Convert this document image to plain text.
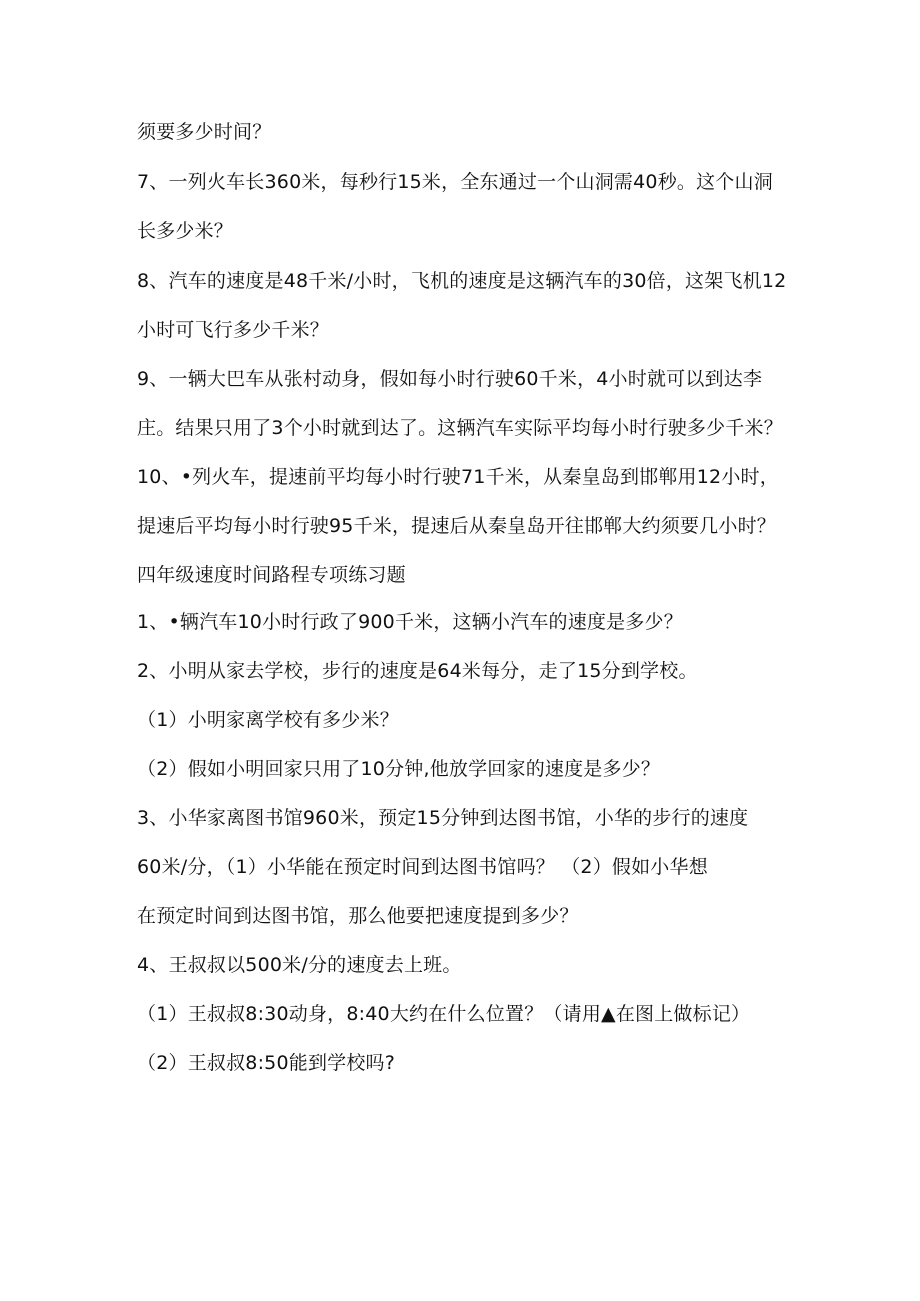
须要多少时间？
7、一列火车长360米，每秒行15米，全东通过一个山洞需40秒。这个山洞
长多少米？
8、汽车的速度是48千米/小时，飞机的速度是这辆汽车的30倍，这架飞机12
小时可飞行多少千米？
9、一辆大巴车从张村动身，假如每小时行驶60千米，4小时就可以到达李
庄。结果只用了3个小时就到达了。这辆汽车实际平均每小时行驶多少千米？
10、•列火车，提速前平均每小时行驶71千米，从秦皇岛到邯郸用12小时，
提速后平均每小时行驶95千米，提速后从秦皇岛开往邯郸大约须要几小时？
四年级速度时间路程专项练习题
1、•辆汽车10小时行政了900千米，这辆小汽车的速度是多少？
2、小明从家去学校，步行的速度是64米每分，走了15分到学校。
（1）小明家离学校有多少米？
（2）假如小明回家只用了10分钟,他放学回家的速度是多少？
3、小华家离图书馆960米，预定15分钟到达图书馆，小华的步行的速度
60米/分，（1）小华能在预定时间到达图书馆吗？ （2）假如小华想
在预定时间到达图书馆，那么他要把速度提到多少？
4、王叔叔以500米/分的速度去上班。
（1）王叔叔8:30动身，8:40大约在什么位置？（请用▲在图上做标记）
（2）王叔叔8:50能到学校吗?
